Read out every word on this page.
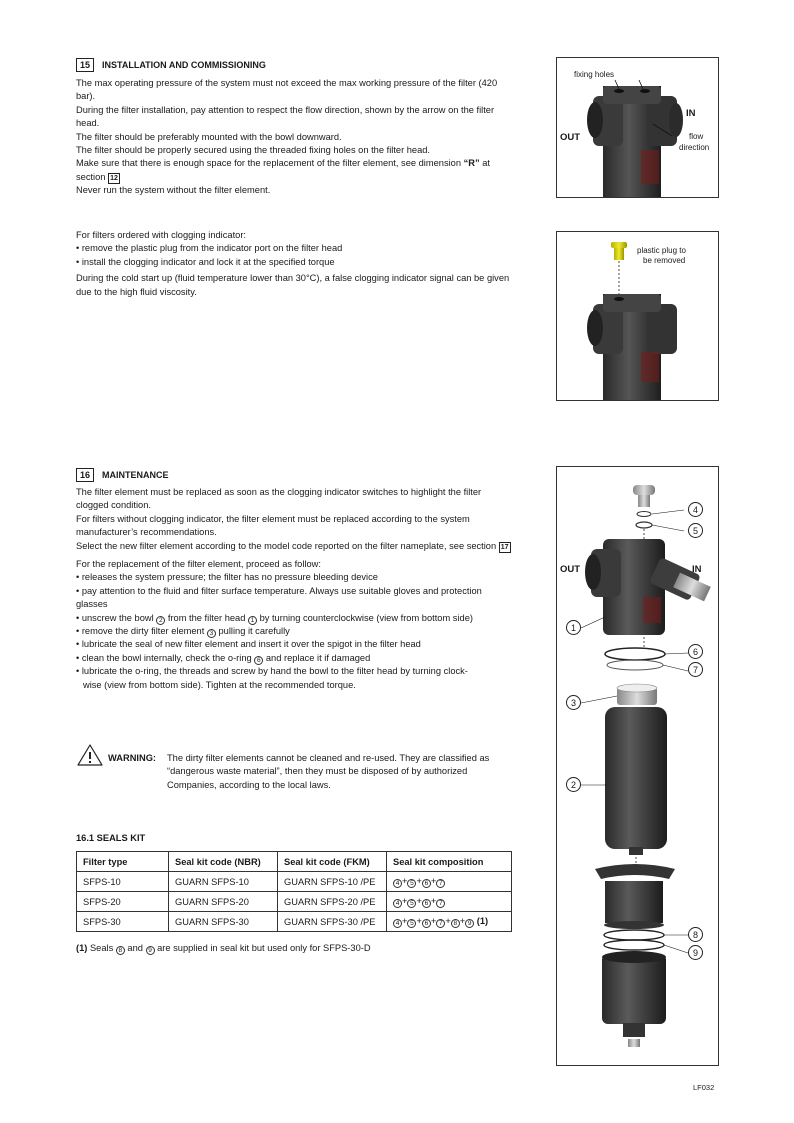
15	INSTALLATION AND COMMISSIONING

The max operating pressure of the system must not exceed the max working pressure of the filter (420 bar).

During the filter installation, pay attention to respect the flow direction, shown by the arrow on the filter head.

The filter should be preferably mounted with the bowl downward.

The filter should be properly secured using the threaded fixing holes on the filter head.

Make sure that there is enough space for the replacement of the filter element, see dimension “R” at section 12

Never run the system without the filter element.

For filters ordered with clogging indicator:

• remove the plastic plug from the indicator port on the filter head

• install the clogging indicator and lock it at the specified torque

During the cold start up (fluid temperature lower than 30°C), a false clogging indicator signal can be given due to the high fluid viscosity.

fixing holes
IN
OUT	flow
direction
plastic plug to
be removed
16	MAINTENANCE

The filter element must be replaced as soon as the clogging indicator switches to highlight the filter clogged condition.

For filters without clogging indicator, the filter element must be replaced according to the system manufacturer’s recommendations.

Select the new filter element according to the model code reported on the filter nameplate, see section 17

For the replacement of the filter element, proceed as follow:

• releases the system pressure; the filter has no pressure bleeding device

• pay attention to the fluid and filter surface temperature. Always use suitable gloves and protection glasses

• unscrew the bowl 2 from the filter head 1 by turning counterclockwise (view from bottom side)

• remove the dirty filter element 3 pulling it carefully

• lubricate the seal of new filter element and insert it over the spigot in the filter head

• clean the bowl internally, check the o-ring 6 and replace it if damaged

• lubricate the o-ring, the threads and screw by hand the bowl to the filter head by turning clock-

wise (view from bottom side). Tighten at the recommended torque.

WARNING: The dirty filter elements cannot be cleaned and re-used. They are classified as “dangerous waste material”, then they must be disposed of by authorized Companies, according to the local laws.
16.1 SEALS KIT
Filter type	Seal kit code (NBR)	Seal kit code (FKM)	Seal kit composition
SFPS-10	GUARN SFPS-10	GUARN SFPS-10 /PE	4 + 5 + 6 + 7
SFPS-20	GUARN SFPS-20	GUARN SFPS-20 /PE	4 + 5 + 6 + 7
SFPS-30	GUARN SFPS-30	GUARN SFPS-30 /PE	4 + 5 + 6 + 7 + 8 + 9 (1)
(1) Seals 8 and 9 are supplied in seal kit but used only for SFPS-30-D
OUT	IN
4
5
1
6
7
3
2
8
9
LF032
